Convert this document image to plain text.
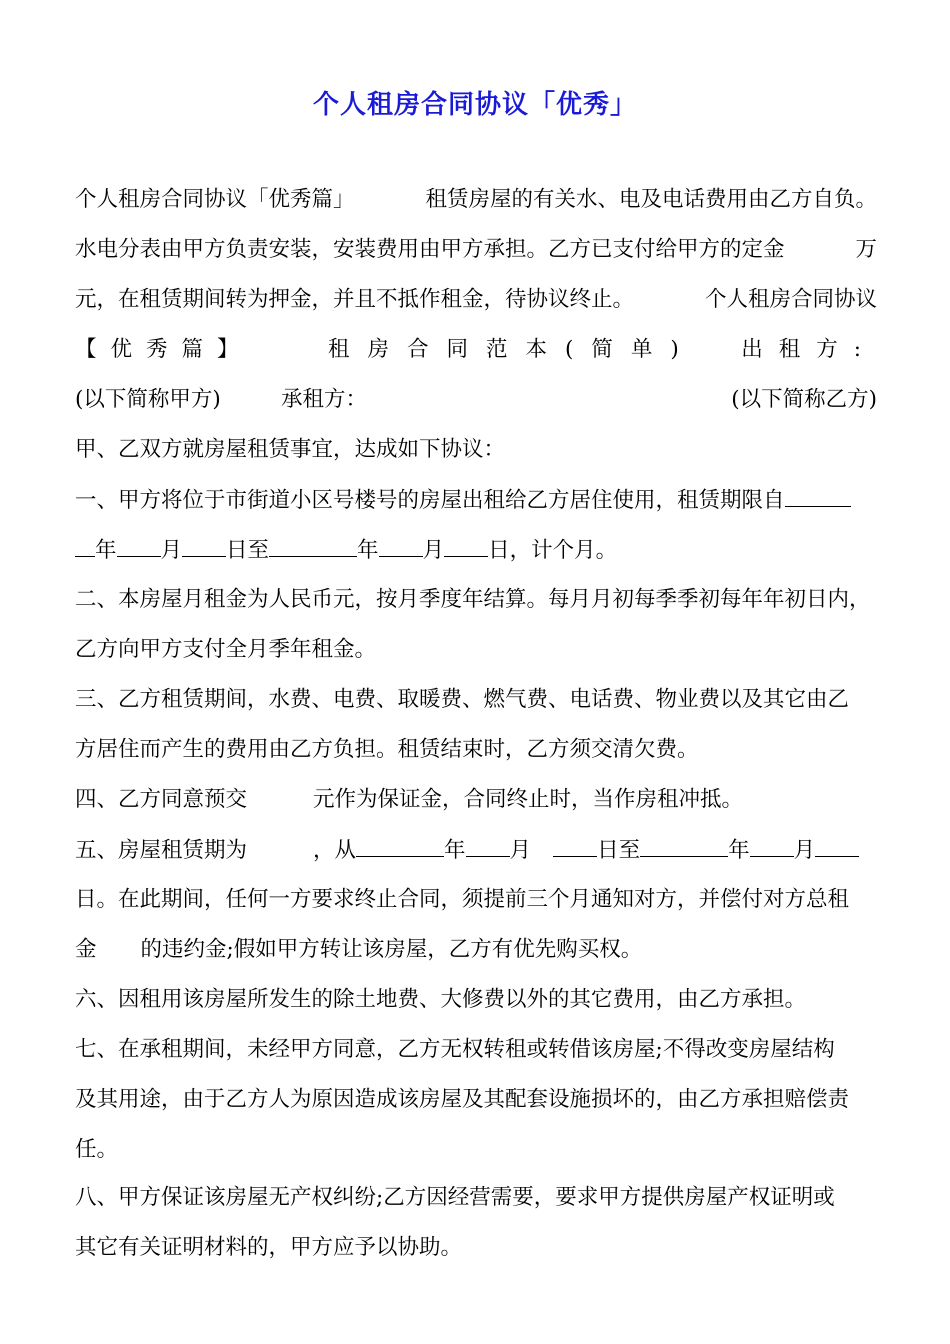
个人租房合同协议「优秀」
个人租房合同协议「优秀篇」	租赁房屋的有关水、电及电话费用由乙方自负。
水电分表由甲方负责安装，安装费用由甲方承担。乙方已支付给甲方的定金	万
元，在租赁期间转为押金，并且不抵作租金，待协议终止。	个人租房合同协议
【优秀篇】	租房合同范本(简单) 出租方:
(以下简称甲方)	承租方：	(以下简称乙方)
甲、乙双方就房屋租赁事宜，达成如下协议：
一、甲方将位于市街道小区号楼号的房屋出租给乙方居住使用，租赁期限自
年 月 日至	年 月 日，计个月。
二、本房屋月租金为人民币元，按月季度年结算。每月月初每季季初每年年初日内，
乙方向甲方支付全月季年租金。
三、乙方租赁期间，水费、电费、取暖费、燃气费、电话费、物业费以及其它由乙
方居住而产生的费用由乙方负担。租赁结束时，乙方须交清欠费。
四、乙方同意预交	元作为保证金，合同终止时，当作房租冲抵。
五、房屋租赁期为	，从	年 月	日至	年 月
日。在此期间，任何一方要求终止合同，须提前三个月通知对方，并偿付对方总租
金 的违约金;假如甲方转让该房屋，乙方有优先购买权。
六、因租用该房屋所发生的除土地费、大修费以外的其它费用，由乙方承担。
七、在承租期间，未经甲方同意，乙方无权转租或转借该房屋;不得改变房屋结构
及其用途，由于乙方人为原因造成该房屋及其配套设施损坏的，由乙方承担赔偿责
任。
八、甲方保证该房屋无产权纠纷;乙方因经营需要，要求甲方提供房屋产权证明或
其它有关证明材料的，甲方应予以协助。
